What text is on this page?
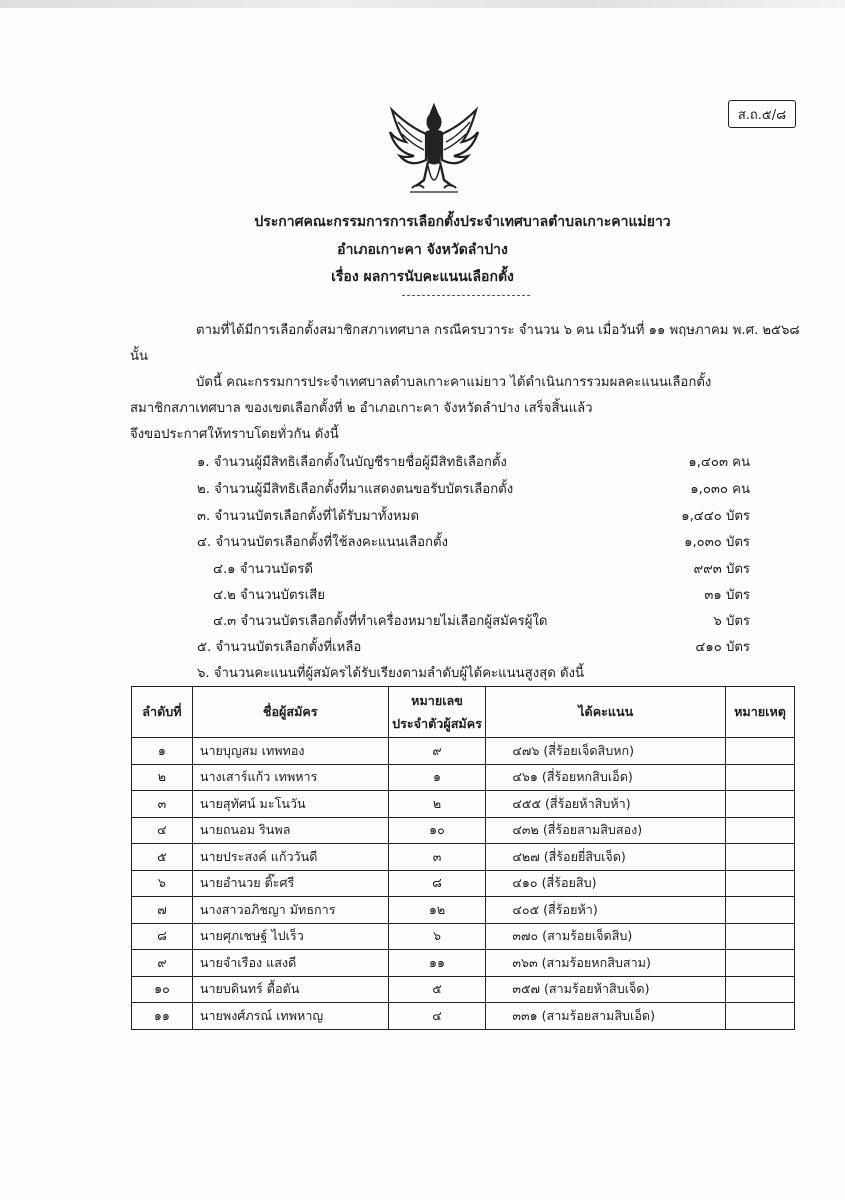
ส.ถ.๕/๘
ประกาศคณะกรรมการการเลือกตั้งประจำเทศบาลตำบลเกาะคาแม่ยาว
อำเภอเกาะคา จังหวัดลำปาง
เรื่อง ผลการนับคะแนนเลือกตั้ง
ตามที่ได้มีการเลือกตั้งสมาชิกสภาเทศบาล กรณีครบวาระ จำนวน ๖ คน เมื่อวันที่ ๑๑ พฤษภาคม พ.ศ. ๒๕๖๘
นั้น
บัดนี้ คณะกรรมการประจำเทศบาลตำบลเกาะคาแม่ยาว ได้ดำเนินการรวมผลคะแนนเลือกตั้ง
สมาชิกสภาเทศบาล ของเขตเลือกตั้งที่ ๒ อำเภอเกาะคา จังหวัดลำปาง เสร็จสิ้นแล้ว
จึงขอประกาศให้ทราบโดยทั่วกัน ดังนี้
๑. จำนวนผู้มีสิทธิเลือกตั้งในบัญชีรายชื่อผู้มีสิทธิเลือกตั้ง	๑,๔๐๓ คน
๒. จำนวนผู้มีสิทธิเลือกตั้งที่มาแสดงตนขอรับบัตรเลือกตั้ง	๑,๐๓๐ คน
๓. จำนวนบัตรเลือกตั้งที่ได้รับมาทั้งหมด	๑,๔๔๐ บัตร
๔. จำนวนบัตรเลือกตั้งที่ใช้ลงคะแนนเลือกตั้ง	๑,๐๓๐ บัตร
๔.๑ จำนวนบัตรดี	๙๙๓ บัตร
๔.๒ จำนวนบัตรเสีย	๓๑ บัตร
๔.๓ จำนวนบัตรเลือกตั้งที่ทำเครื่องหมายไม่เลือกผู้สมัครผู้ใด	๖ บัตร
๕. จำนวนบัตรเลือกตั้งที่เหลือ	๔๑๐ บัตร
๖. จำนวนคะแนนที่ผู้สมัครได้รับเรียงตามลำดับผู้ได้คะแนนสูงสุด ดังนี้
ลำดับที่	ชื่อผู้สมัคร	หมายเลข
ประจำตัวผู้สมัคร	ได้คะแนน	หมายเหตุ
๑	นายบุญสม เทพทอง	๙	๔๗๖ (สี่ร้อยเจ็ดสิบหก)	
๒	นางเสาร์แก้ว เทพหาร	๑	๔๖๑ (สี่ร้อยหกสิบเอ็ด)	
๓	นายสุทัศน์ มะโนวัน	๒	๔๕๕ (สี่ร้อยห้าสิบห้า)	
๔	นายถนอม รินพล	๑๐	๔๓๒ (สี่ร้อยสามสิบสอง)	
๕	นายประสงค์ แก้ววันดี	๓	๔๒๗ (สี่ร้อยยี่สิบเจ็ด)	
๖	นายอำนวย ติ๊ะศรี	๘	๔๑๐ (สี่ร้อยสิบ)	
๗	นางสาวอภิชญา มัทธการ	๑๒	๔๐๕ (สี่ร้อยห้า)	
๘	นายศุภเชษฐ์ ไปเร็ว	๖	๓๗๐ (สามร้อยเจ็ดสิบ)	
๙	นายจำเรือง แสงดี	๑๑	๓๖๓ (สามร้อยหกสิบสาม)	
๑๐	นายบดินทร์ ตื้อตัน	๕	๓๕๗ (สามร้อยห้าสิบเจ็ด)	
๑๑	นายพงศ์ภรณ์ เทพหาญ	๔	๓๓๑ (สามร้อยสามสิบเอ็ด)	
